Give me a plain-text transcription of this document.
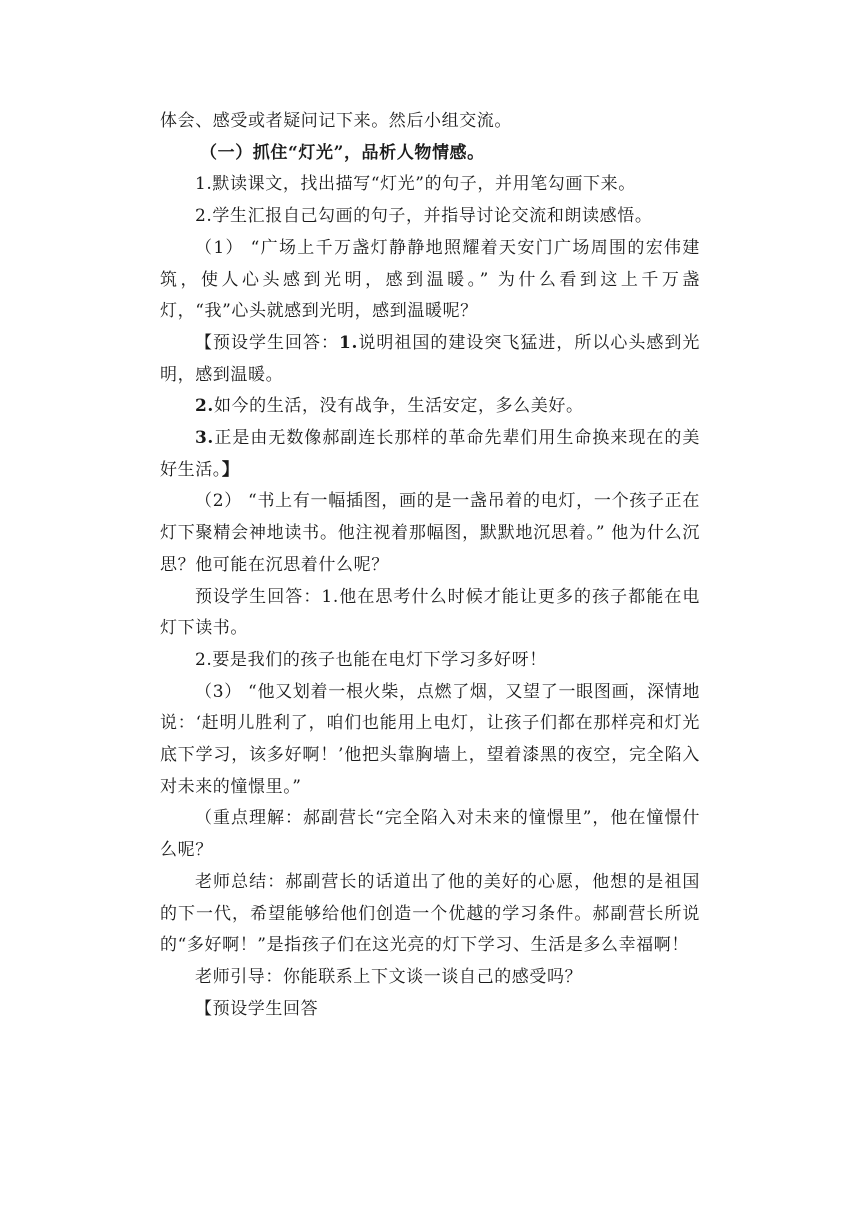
体会、感受或者疑问记下来。然后小组交流。

（一）抓住“灯光”，品析人物情感。

1.默读课文，找出描写“灯光”的句子，并用笔勾画下来。

2.学生汇报自己勾画的句子，并指导讨论交流和朗读感悟。

（1） “广场上千万盏灯静静地照耀着天安门广场周围的宏伟建筑，使人心头感到光明，感到温暖。” 为什么看到这上千万盏灯，“我”心头就感到光明，感到温暖呢？

【预设学生回答：1.说明祖国的建设突飞猛进，所以心头感到光明，感到温暖。

2.如今的生活，没有战争，生活安定，多么美好。

3.正是由无数像郝副连长那样的革命先辈们用生命换来现在的美好生活。】

（2） “书上有一幅插图，画的是一盏吊着的电灯，一个孩子正在灯下聚精会神地读书。他注视着那幅图，默默地沉思着。” 他为什么沉思？他可能在沉思着什么呢？

预设学生回答：1.他在思考什么时候才能让更多的孩子都能在电灯下读书。

2.要是我们的孩子也能在电灯下学习多好呀！

（3） “他又划着一根火柴，点燃了烟，又望了一眼图画，深情地说：‘赶明儿胜利了，咱们也能用上电灯，让孩子们都在那样亮和灯光底下学习，该多好啊！’他把头靠胸墙上，望着漆黑的夜空，完全陷入对未来的憧憬里。”

（重点理解：郝副营长“完全陷入对未来的憧憬里”，他在憧憬什么呢？

老师总结：郝副营长的话道出了他的美好的心愿，他想的是祖国的下一代，希望能够给他们创造一个优越的学习条件。郝副营长所说的“多好啊！”是指孩子们在这光亮的灯下学习、生活是多么幸福啊！

老师引导：你能联系上下文谈一谈自己的感受吗？

【预设学生回答
